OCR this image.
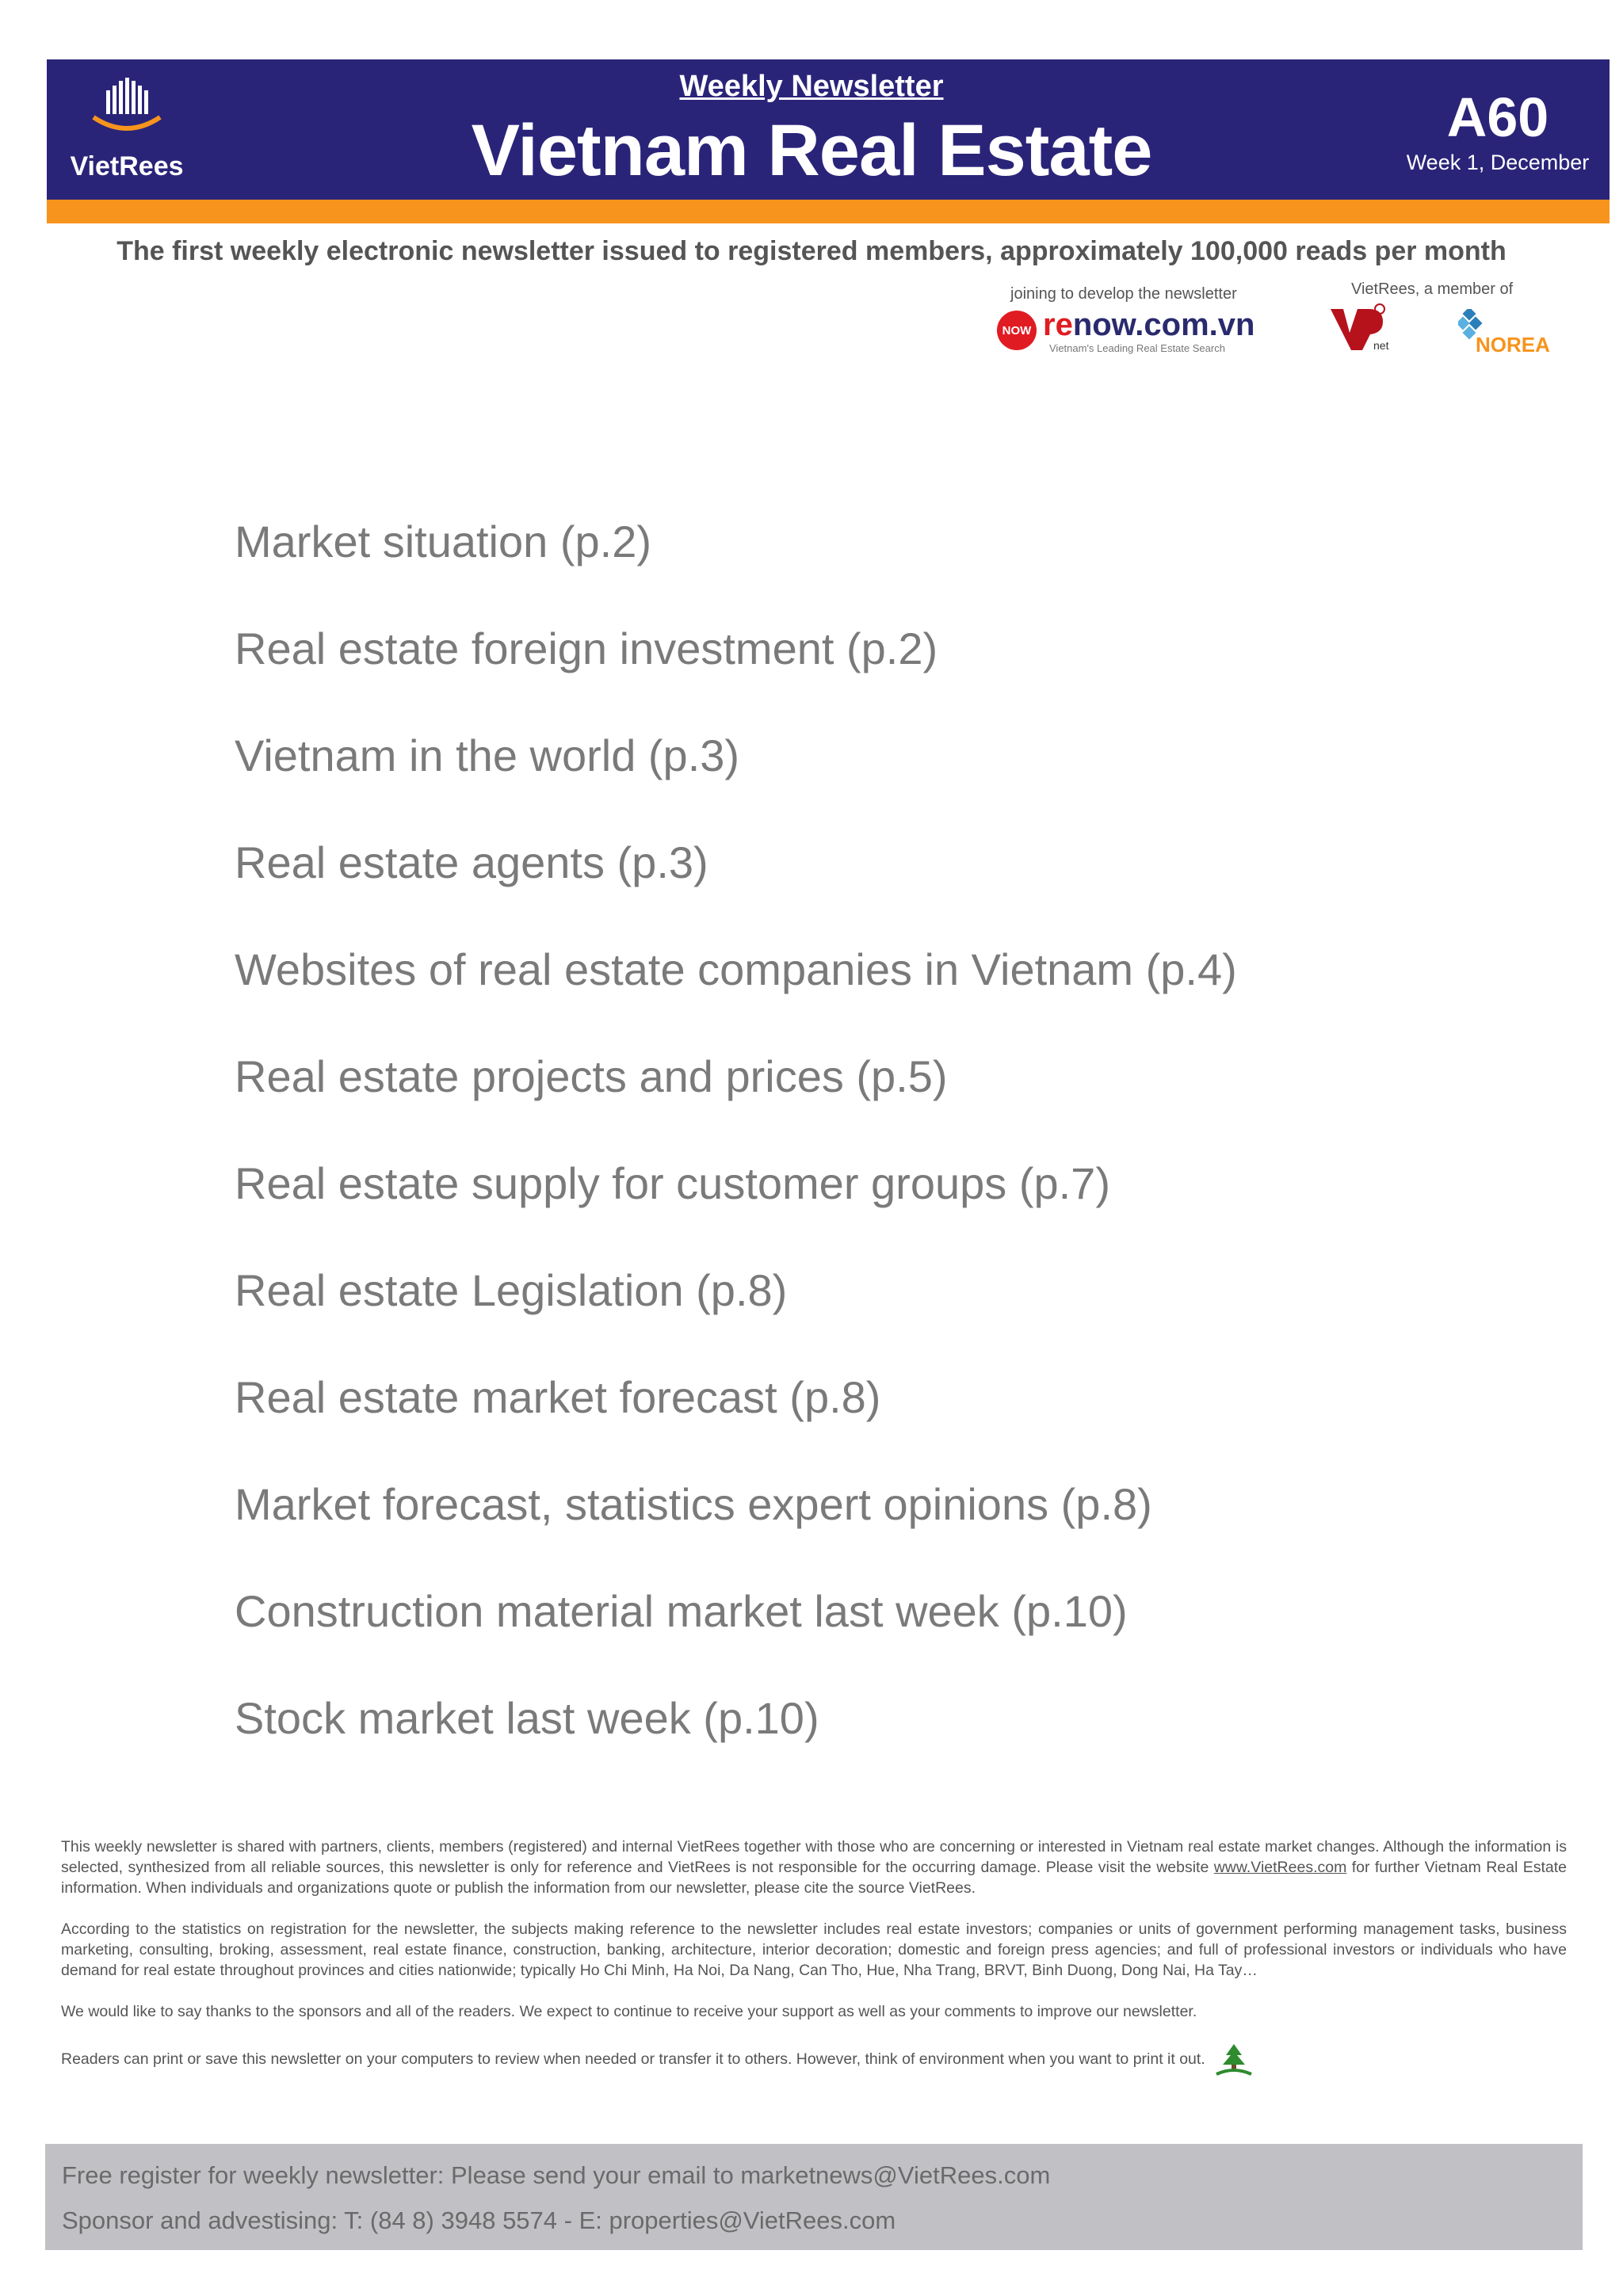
VietRees
Weekly Newsletter
Vietnam Real Estate	A60
Week 1, December
The first weekly electronic newsletter issued to registered members, approximately 100,000 reads per month
joining to develop the newsletter	VietRees, a member of
NOW renow.com.vn
Vietnam's Leading Real Estate Search	net	NOREA
Market situation (p.2)
Real estate foreign investment (p.2)
Vietnam in the world (p.3)
Real estate agents (p.3)
Websites of real estate companies in Vietnam (p.4)
Real estate projects and prices (p.5)
Real estate supply for customer groups (p.7)
Real estate Legislation (p.8)
Real estate market forecast (p.8)
Market forecast, statistics expert opinions (p.8)
Construction material market last week (p.10)
Stock market last week (p.10)

This weekly newsletter is shared with partners, clients, members (registered) and internal VietRees together with those who are concerning or interested in Vietnam real estate market changes. Although the information is selected, synthesized from all reliable sources, this newsletter is only for reference and VietRees is not responsible for the occurring damage. Please visit the website www.VietRees.com for further Vietnam Real Estate information. When individuals and organizations quote or publish the information from our newsletter, please cite the source VietRees.

According to the statistics on registration for the newsletter, the subjects making reference to the newsletter includes real estate investors; companies or units of government performing management tasks, business marketing, consulting, broking, assessment, real estate finance, construction, banking, architecture, interior decoration; domestic and foreign press agencies; and full of professional investors or individuals who have demand for real estate throughout provinces and cities nationwide; typically Ho Chi Minh, Ha Noi, Da Nang, Can Tho, Hue, Nha Trang, BRVT, Binh Duong, Dong Nai, Ha Tay…

We would like to say thanks to the sponsors and all of the readers. We expect to continue to receive your support as well as your comments to improve our newsletter.

Readers can print or save this newsletter on your computers to review when needed or transfer it to others. However, think of environment when you want to print it out.

Free register for weekly newsletter: Please send your email to marketnews@VietRees.com
Sponsor and advestising: T: (84 8) 3948 5574 - E: properties@VietRees.com
